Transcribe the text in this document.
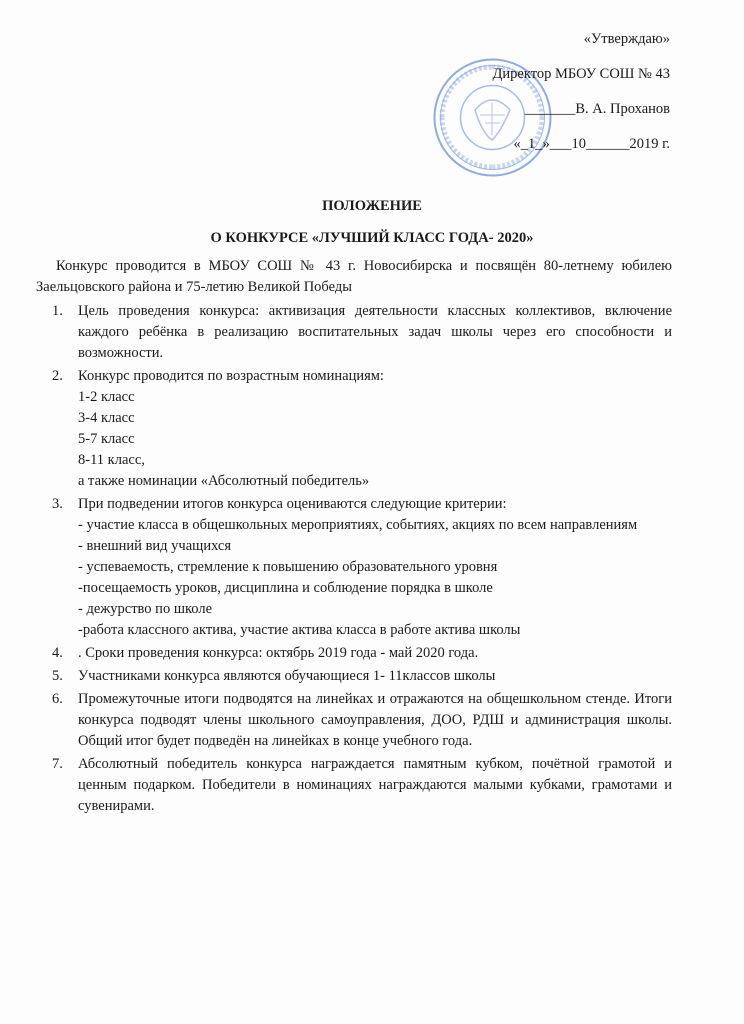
«Утверждаю»
Директор МБОУ СОШ № 43
_______В. А. Проханов
«_1_»___10______2019 г.
ПОЛОЖЕНИЕ
О КОНКУРСЕ «ЛУЧШИЙ КЛАСС ГОДА- 2020»
Конкурс проводится в МБОУ СОШ № 43 г. Новосибирска и посвящён 80-летнему юбилею Заельцовского района и 75-летию Великой Победы
1. Цель проведения конкурса: активизация деятельности классных коллективов, включение каждого ребёнка в реализацию воспитательных задач школы через его способности и возможности.
2. Конкурс проводится по возрастным номинациям:
1-2 класс
3-4 класс
5-7 класс
8-11 класс,
а также номинации «Абсолютный победитель»
3. При подведении итогов конкурса оцениваются следующие критерии:
- участие класса в общешкольных мероприятиях, событиях, акциях по всем направлениям
- внешний вид учащихся
- успеваемость, стремление к повышению образовательного уровня
-посещаемость уроков, дисциплина и соблюдение порядка в школе
- дежурство по школе
-работа классного актива, участие актива класса в работе актива школы
4. . Сроки проведения конкурса: октябрь 2019 года - май 2020 года.
5. Участниками конкурса являются обучающиеся 1- 11классов школы
6. Промежуточные итоги подводятся на линейках и отражаются на общешкольном стенде. Итоги конкурса подводят члены школьного самоуправления, ДОО, РДШ и администрация школы. Общий итог будет подведён на линейках в конце учебного года.
7. Абсолютный победитель конкурса награждается памятным кубком, почётной грамотой и ценным подарком. Победители в номинациях награждаются малыми кубками, грамотами и сувенирами.
